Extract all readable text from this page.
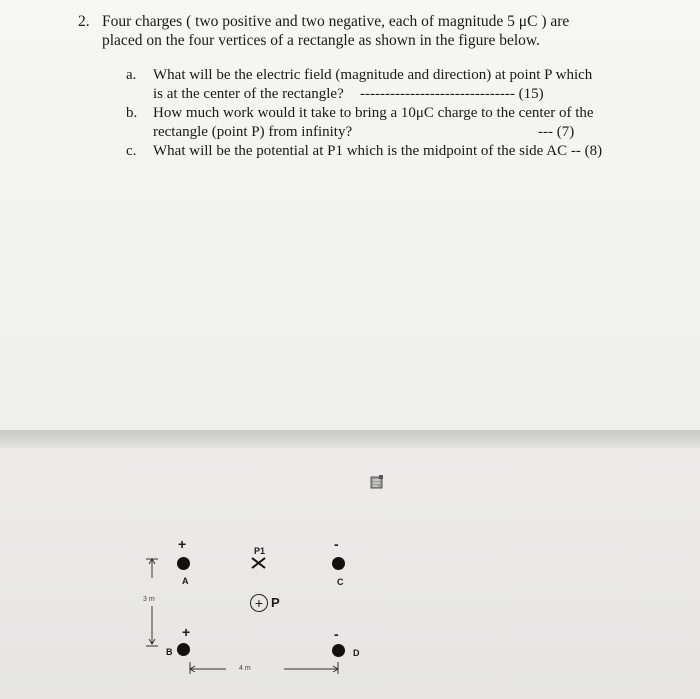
2. Four charges ( two positive and two negative, each of magnitude 5 μC ) are
placed on the four vertices of a rectangle as shown in the figure below.
a. What will be the electric field (magnitude and direction) at point P which
is at the center of the rectangle? ------------------------------- (15)
b. How much work would it take to bring a 10μC charge to the center of the
rectangle (point P) from infinity?	--- (7)
c. What will be the potential at P1 which is the midpoint of the side AC -- (8)
+
A
-
C
+
B
-
D
P1
+ P
3 m
4 m
